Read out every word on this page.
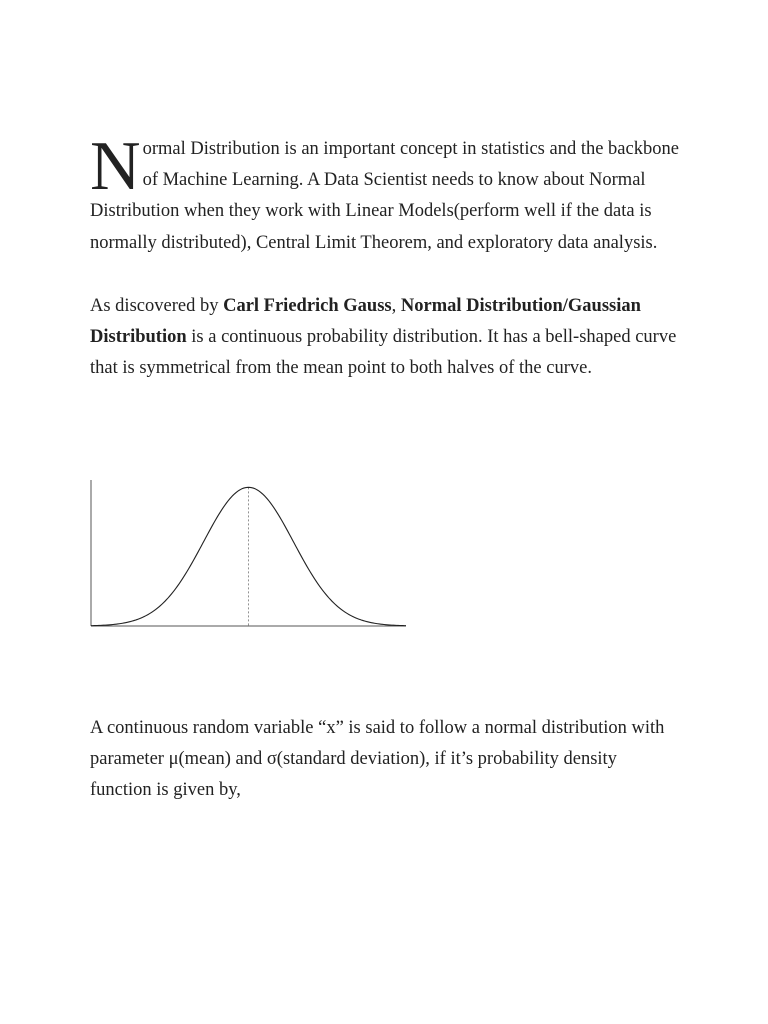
Normal Distribution is an important concept in statistics and the backbone of Machine Learning. A Data Scientist needs to know about Normal Distribution when they work with Linear Models(perform well if the data is normally distributed), Central Limit Theorem, and exploratory data analysis.

As discovered by Carl Friedrich Gauss, Normal Distribution/Gaussian Distribution is a continuous probability distribution. It has a bell-shaped curve that is symmetrical from the mean point to both halves of the curve.

A continuous random variable “x” is said to follow a normal distribution with parameter μ(mean) and σ(standard deviation), if it’s probability density function is given by,
